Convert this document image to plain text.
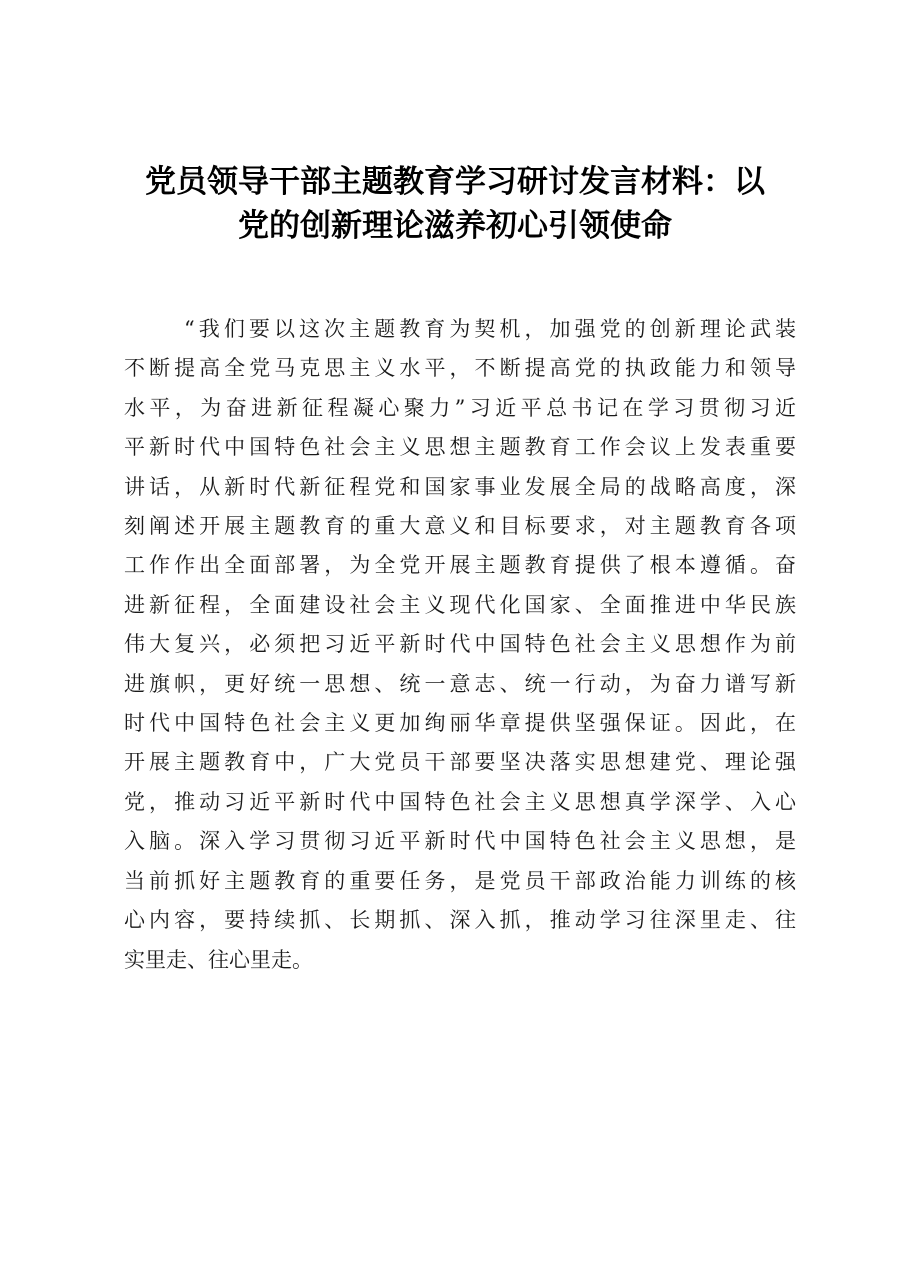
党员领导干部主题教育学习研讨发言材料：以
党的创新理论滋养初心引领使命
“我们要以这次主题教育为契机，加强党的创新理论武装
不断提高全党马克思主义水平，不断提高党的执政能力和领导
水平，为奋进新征程凝心聚力”习近平总书记在学习贯彻习近
平新时代中国特色社会主义思想主题教育工作会议上发表重要
讲话，从新时代新征程党和国家事业发展全局的战略高度，深
刻阐述开展主题教育的重大意义和目标要求，对主题教育各项
工作作出全面部署，为全党开展主题教育提供了根本遵循。奋
进新征程，全面建设社会主义现代化国家、全面推进中华民族
伟大复兴，必须把习近平新时代中国特色社会主义思想作为前
进旗帜，更好统一思想、统一意志、统一行动，为奋力谱写新
时代中国特色社会主义更加绚丽华章提供坚强保证。因此，在
开展主题教育中，广大党员干部要坚决落实思想建党、理论强
党，推动习近平新时代中国特色社会主义思想真学深学、入心
入脑。深入学习贯彻习近平新时代中国特色社会主义思想，是
当前抓好主题教育的重要任务，是党员干部政治能力训练的核
心内容，要持续抓、长期抓、深入抓，推动学习往深里走、往
实里走、往心里走。
